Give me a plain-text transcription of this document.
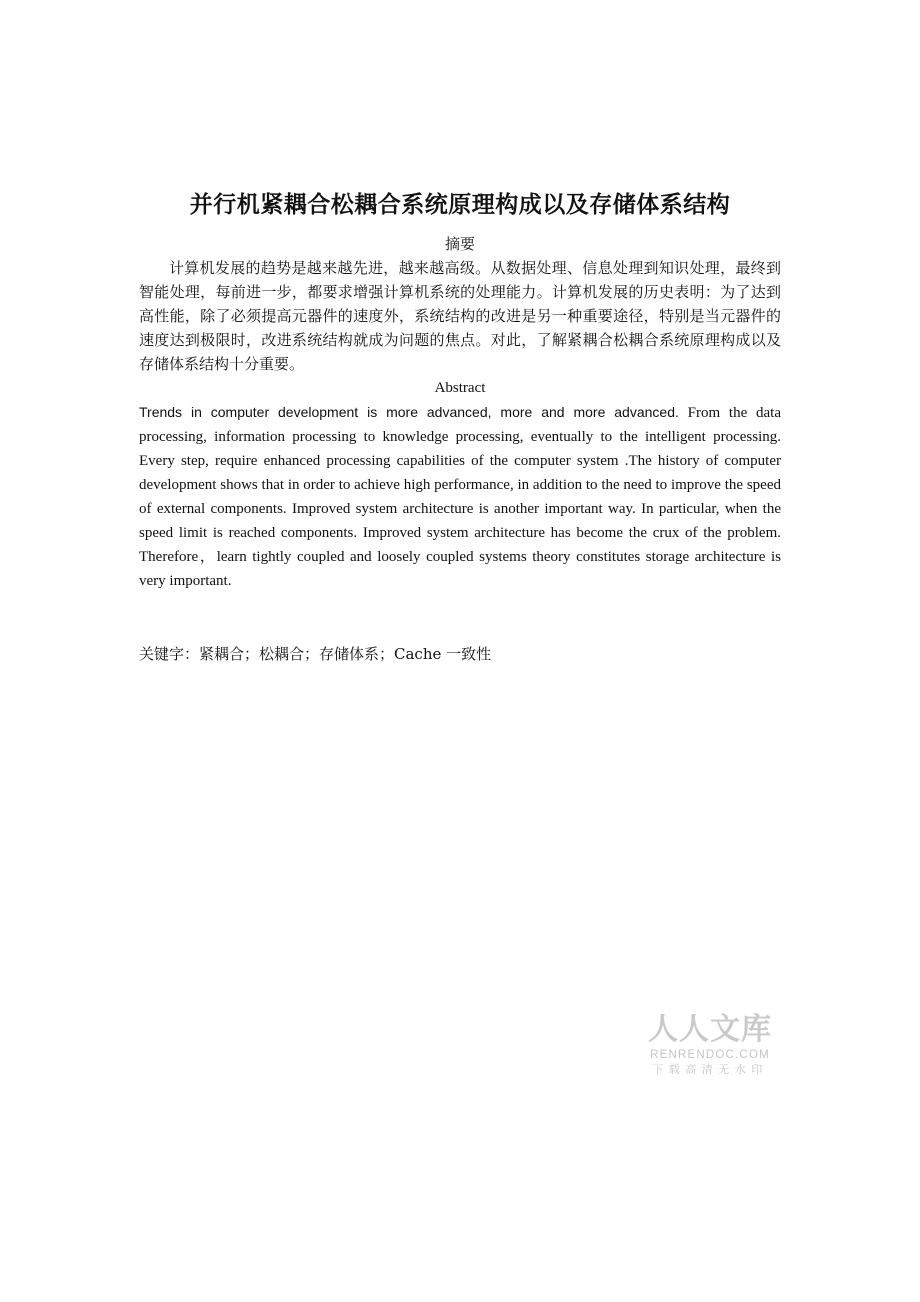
并行机紧耦合松耦合系统原理构成以及存储体系结构
摘要

计算机发展的趋势是越来越先进，越来越高级。从数据处理、信息处理到知识处理，最终到智能处理，每前进一步，都要求增强计算机系统的处理能力。计算机发展的历史表明：为了达到高性能，除了必须提高元器件的速度外，系统结构的改进是另一种重要途径，特别是当元器件的速度达到极限时，改进系统结构就成为问题的焦点。对此，了解紧耦合松耦合系统原理构成以及存储体系结构十分重要。

Abstract

Trends in computer development is more advanced, more and more advanced. From the data processing, information processing to knowledge processing, eventually to the intelligent processing. Every step, require enhanced processing capabilities of the computer system .The history of computer development shows that in order to achieve high performance, in addition to the need to improve the speed of external components. Improved system architecture is another important way. In particular, when the speed limit is reached components. Improved system architecture has become the crux of the problem. Therefore，learn tightly coupled and loosely coupled systems theory constitutes storage architecture is very important.

关键字：紧耦合；松耦合；存储体系；Cache 一致性
人人文库
RENRENDOC.COM
下载高清无水印
